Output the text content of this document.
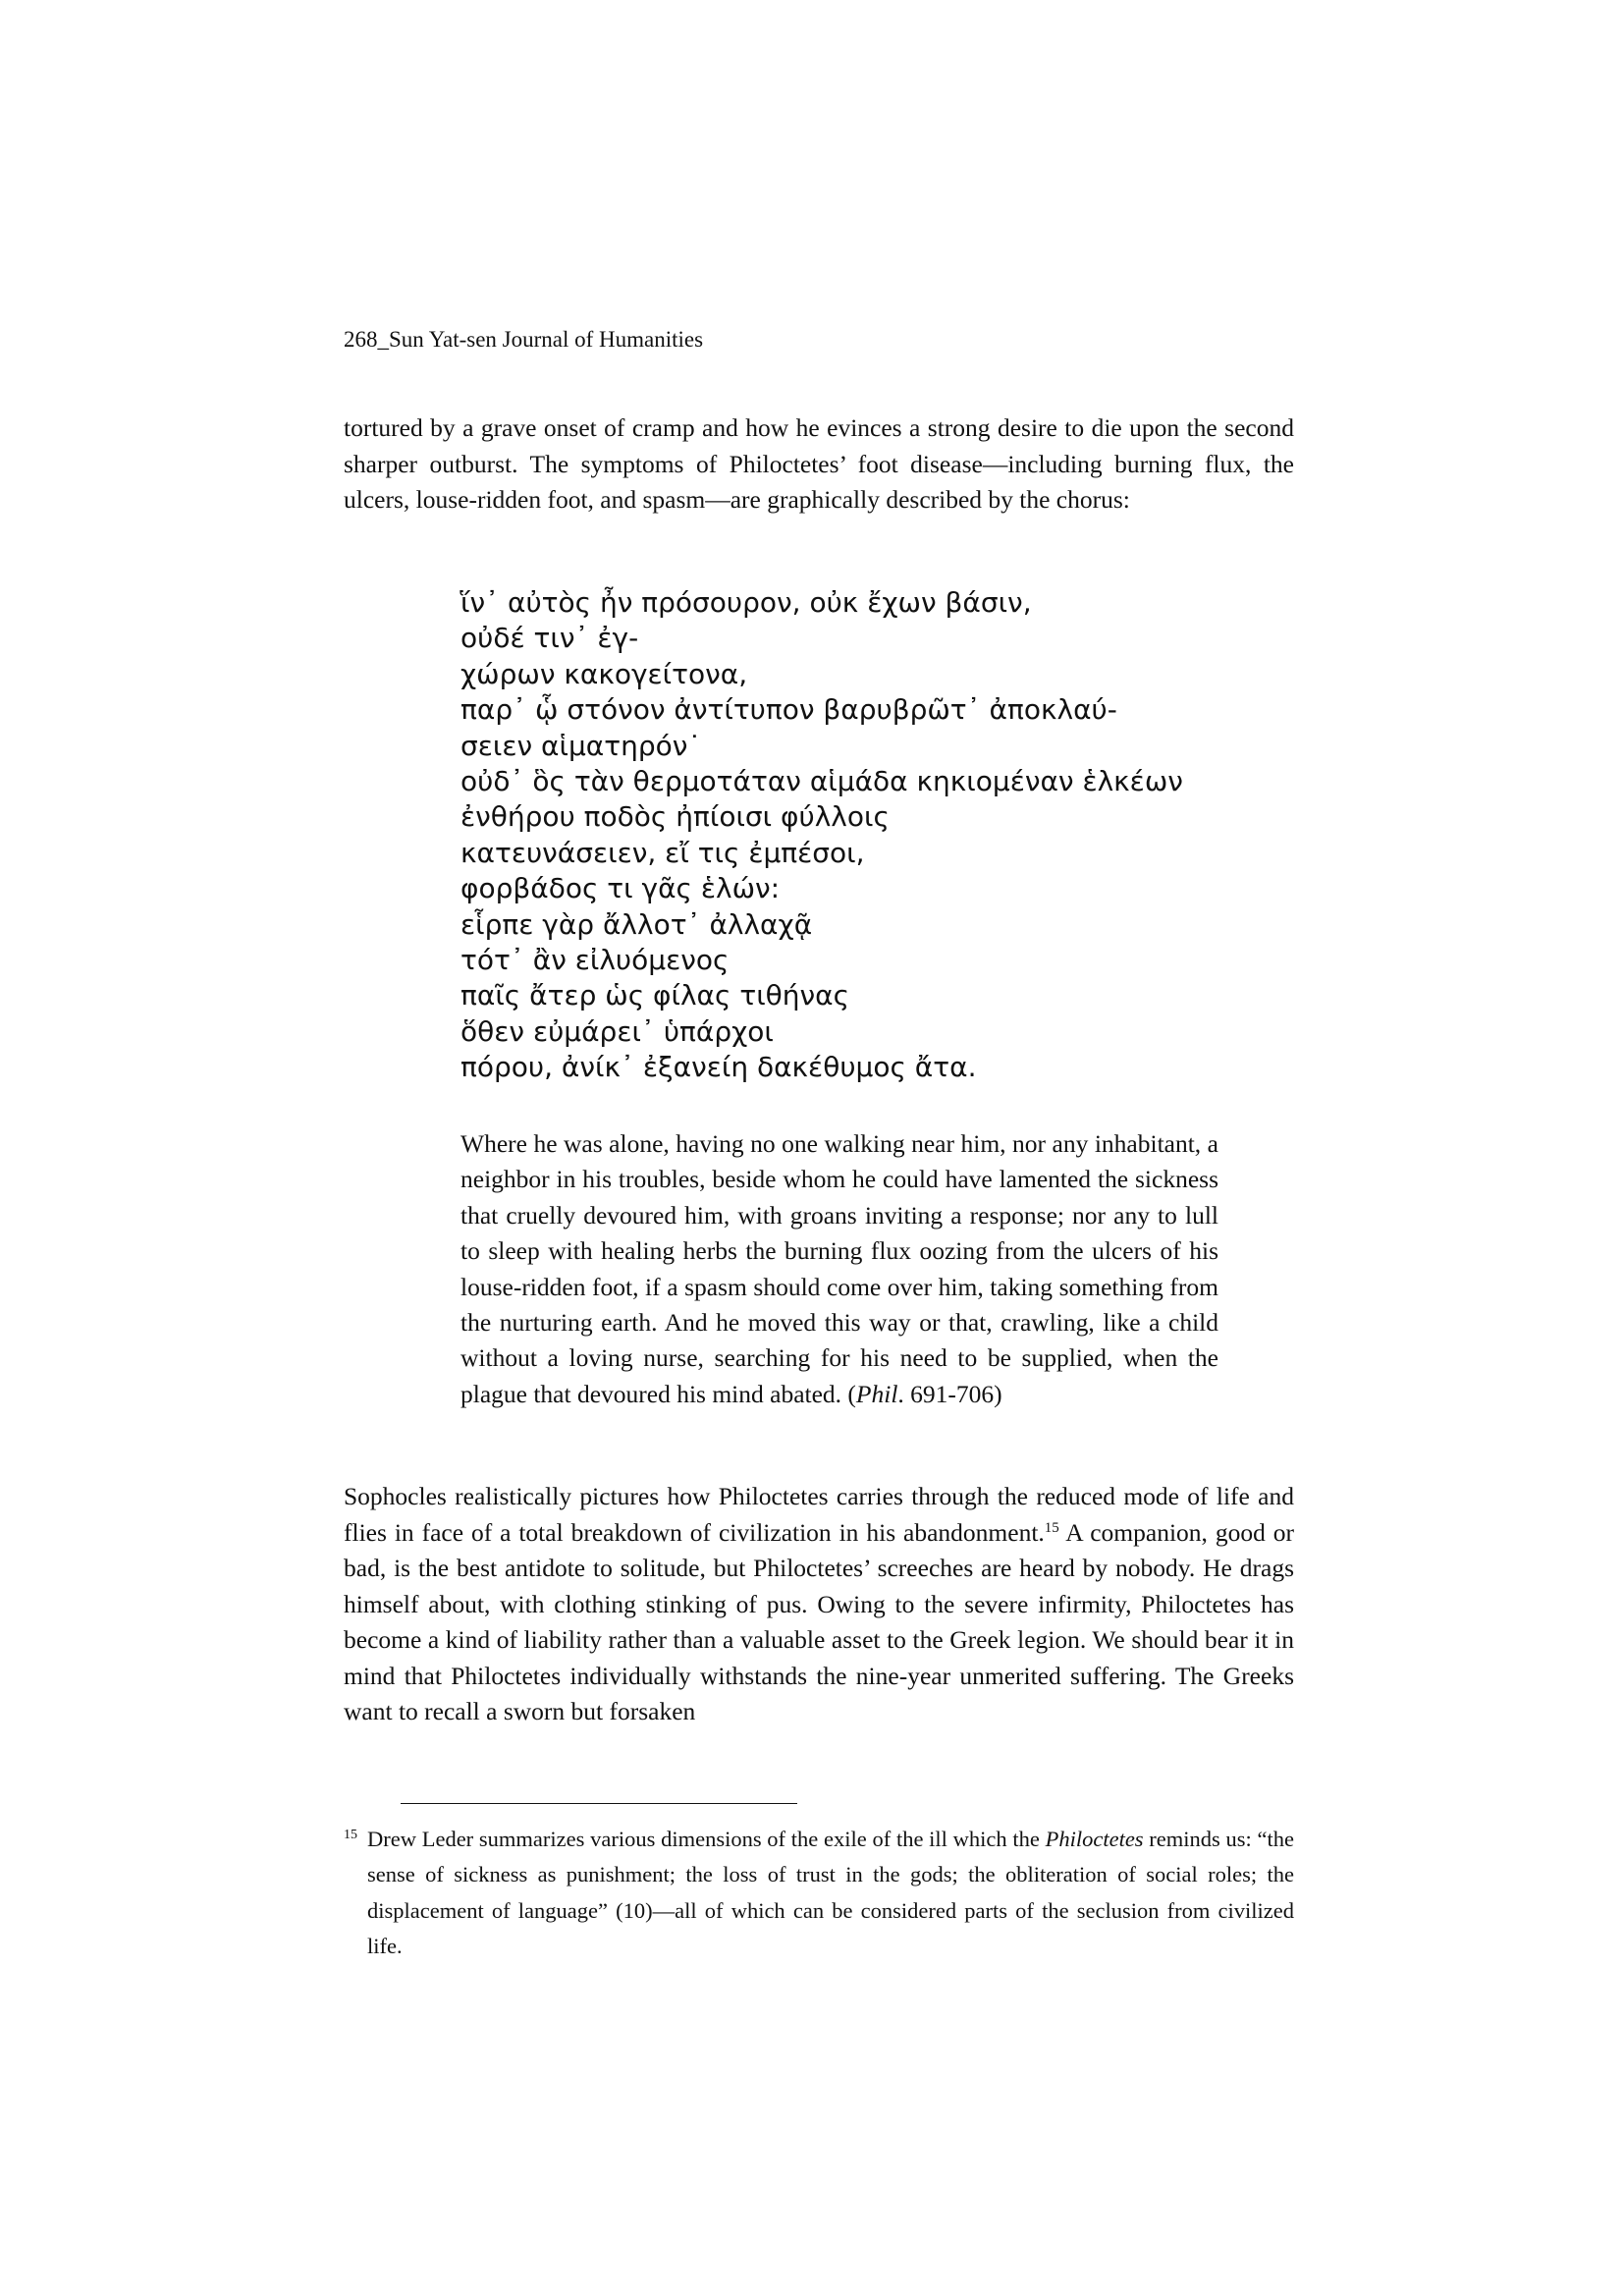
268_Sun Yat-sen Journal of Humanities

tortured by a grave onset of cramp and how he evinces a strong desire to die upon the second sharper outburst. The symptoms of Philoctetes’ foot disease—including burning flux, the ulcers, louse-ridden foot, and spasm—are graphically described by the chorus:

ἵν᾽ αὐτὸς ἦν πρόσουρον, οὐκ ἔχων βάσιν,
οὐδέ τιν᾽ ἐγ-
χώρων κακογείτονα,
παρ᾽ ᾧ στόνον ἀντίτυπον βαρυβρῶτ᾽ ἀποκλαύ-
σειεν αἱματηρόν˙
οὐδ᾽ ὃς τὰν θερμοτάταν αἱμάδα κηκιομέναν ἑλκέων
ἐνθήρου ποδὸς ἠπίοισι φύλλοις
κατευνάσειεν, εἴ τις ἐμπέσοι,
φορβάδος τι γᾶς ἑλών:
εἷρπε γὰρ ἄλλοτ᾽ ἀλλαχᾷ
τότ᾽ ἂν εἰλυόμενος
παῖς ἄτερ ὡς φίλας τιθήνας
ὅθεν εὐμάρει᾽ ὑπάρχοι
πόρου, ἀνίκ᾽ ἐξανείη δακέθυμος ἄτα.

Where he was alone, having no one walking near him, nor any inhabitant, a neighbor in his troubles, beside whom he could have lamented the sickness that cruelly devoured him, with groans inviting a response; nor any to lull to sleep with healing herbs the burning flux oozing from the ulcers of his louse-ridden foot, if a spasm should come over him, taking something from the nurturing earth. And he moved this way or that, crawling, like a child without a loving nurse, searching for his need to be supplied, when the plague that devoured his mind abated. (Phil. 691-706)

Sophocles realistically pictures how Philoctetes carries through the reduced mode of life and flies in face of a total breakdown of civilization in his abandonment.$^{15}$ A companion, good or bad, is the best antidote to solitude, but Philoctetes’ screeches are heard by nobody. He drags himself about, with clothing stinking of pus. Owing to the severe infirmity, Philoctetes has become a kind of liability rather than a valuable asset to the Greek legion. We should bear it in mind that Philoctetes individually withstands the nine-year unmerited suffering. The Greeks want to recall a sworn but forsaken

15 Drew Leder summarizes various dimensions of the exile of the ill which the Philoctetes reminds us: “the sense of sickness as punishment; the loss of trust in the gods; the obliteration of social roles; the displacement of language” (10)—all of which can be considered parts of the seclusion from civilized life.
